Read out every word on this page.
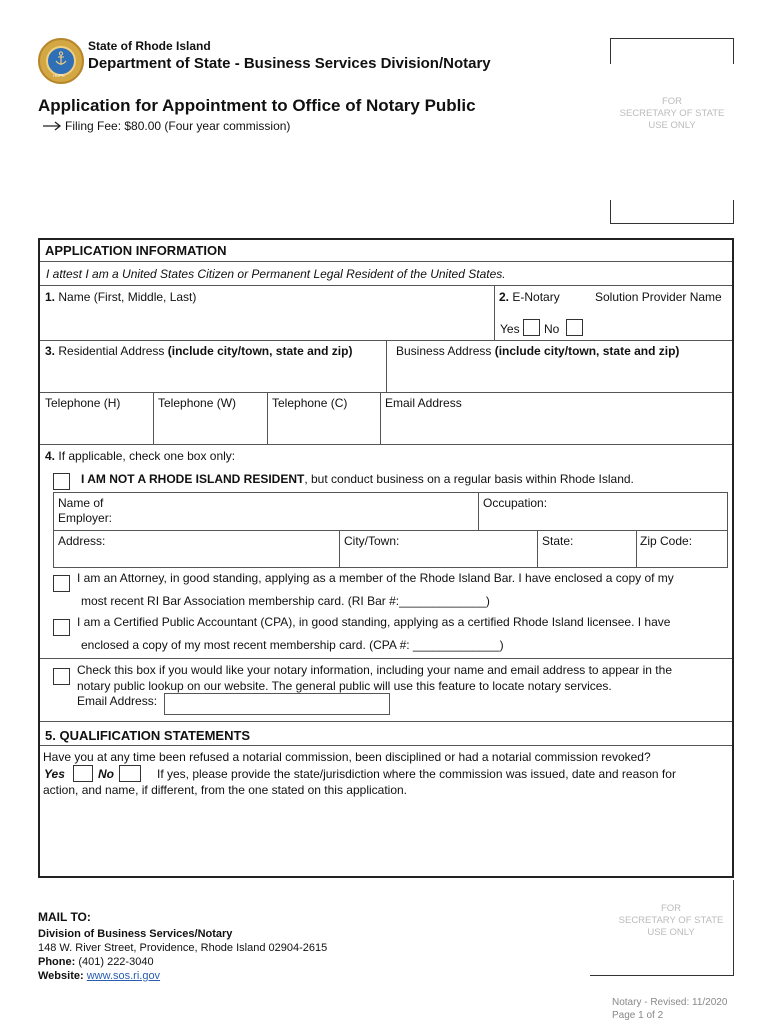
HOPE
State of Rhode Island
Department of State - Business Services Division/Notary
Application for Appointment to Office of Notary Public
Filing Fee: $80.00 (Four year commission)
FOR
SECRETARY OF STATE
USE ONLY
APPLICATION INFORMATION
I attest I am a United States Citizen or Permanent Legal Resident of the United States.
1. Name (First, Middle, Last)	2. E-Notary	Solution Provider Name
Yes No
3. Residential Address (include city/town, state and zip)	Business Address (include city/town, state and zip)
Telephone (H)	Telephone (W)	Telephone (C)	Email Address
4. If applicable, check one box only:
I AM NOT A RHODE ISLAND RESIDENT, but conduct business on a regular basis within Rhode Island.
Name of
Employer:
Occupation:
Address:	City/Town:	State:	Zip Code:
I am an Attorney, in good standing, applying as a member of the Rhode Island Bar. I have enclosed a copy of my
most recent RI Bar Association membership card. (RI Bar #:_____________)
I am a Certified Public Accountant (CPA), in good standing, applying as a certified Rhode Island licensee. I have
enclosed a copy of my most recent membership card. (CPA #: _____________)
Check this box if you would like your notary information, including your name and email address to appear in the
notary public lookup on our website. The general public will use this feature to locate notary services.
Email Address:
5. QUALIFICATION STATEMENTS
Have you at any time been refused a notarial commission, been disciplined or had a notarial commission revoked?
Yes	No	If yes, please provide the state/jurisdiction where the commission was issued, date and reason for
action, and name, if different, from the one stated on this application.
FOR
SECRETARY OF STATE
USE ONLY
MAIL TO:
Division of Business Services/Notary
148 W. River Street, Providence, Rhode Island 02904-2615
Phone: (401) 222-3040
Website: www.sos.ri.gov
Notary - Revised: 11/2020
Page 1 of 2
